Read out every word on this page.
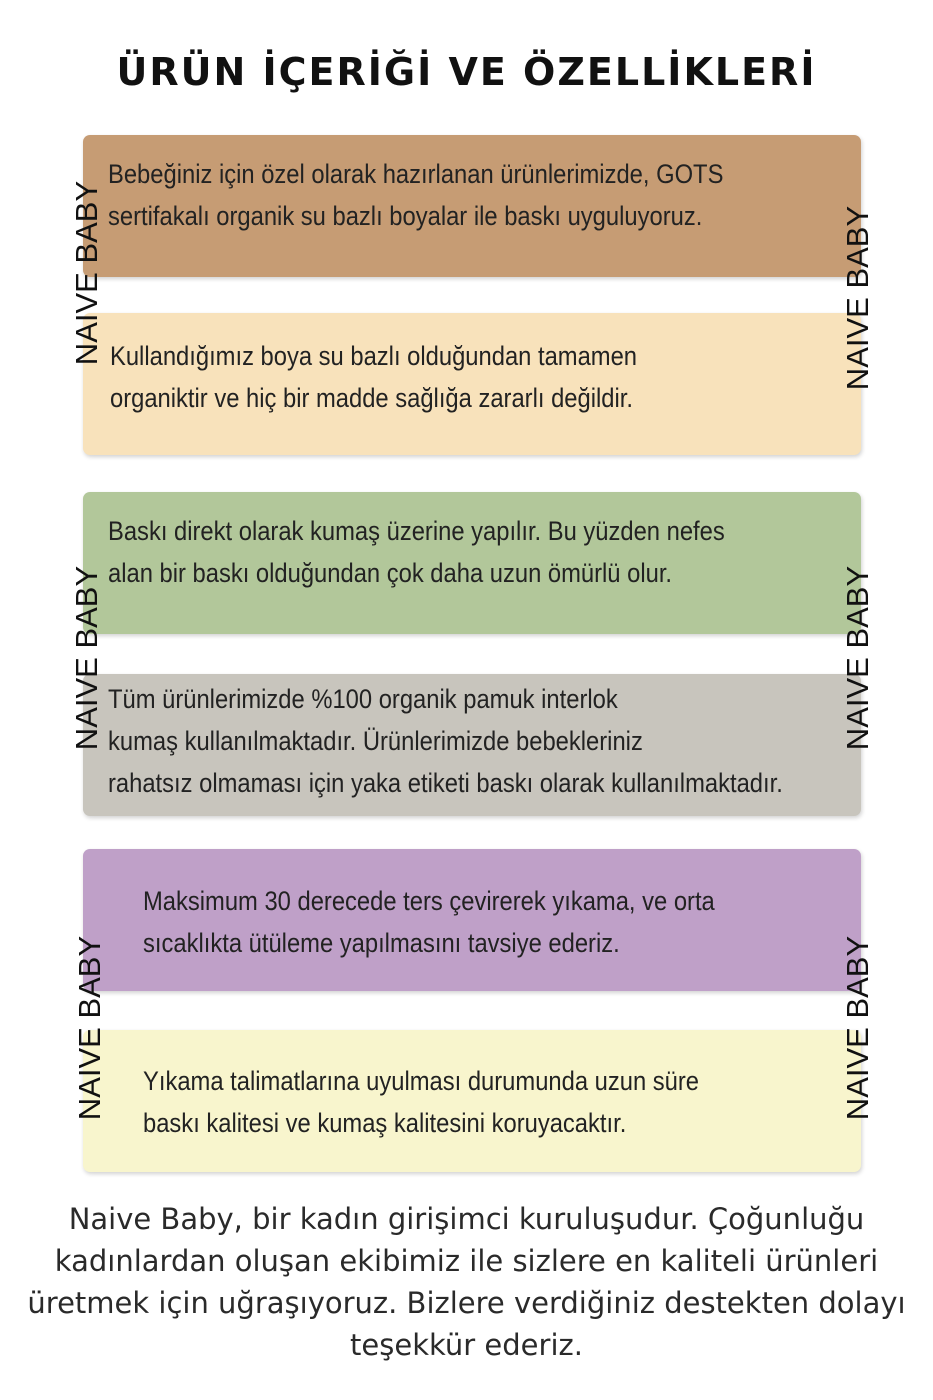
ÜRÜN İÇERİĞİ VE ÖZELLİKLERİ
Bebeğiniz için özel olarak hazırlanan ürünlerimizde, GOTS
sertifakalı organik su bazlı boyalar ile baskı uyguluyoruz.
Kullandığımız boya su bazlı olduğundan tamamen
organiktir ve hiç bir madde sağlığa zararlı değildir.
Baskı direkt olarak kumaş üzerine yapılır. Bu yüzden nefes
alan bir baskı olduğundan çok daha uzun ömürlü olur.
Tüm ürünlerimizde %100 organik pamuk interlok
kumaş kullanılmaktadır. Ürünlerimizde bebekleriniz
rahatsız olmaması için yaka etiketi baskı olarak kullanılmaktadır.
Maksimum 30 derecede ters çevirerek yıkama, ve orta
sıcaklıkta ütüleme yapılmasını tavsiye ederiz.
Yıkama talimatlarına uyulması durumunda uzun süre
baskı kalitesi ve kumaş kalitesini koruyacaktır.
NAIVE BABY	NAIVE BABY
NAIVE BABY	NAIVE BABY
NAIVE BABY	NAIVE BABY
Naive Baby, bir kadın girişimci kuruluşudur. Çoğunluğu
kadınlardan oluşan ekibimiz ile sizlere en kaliteli ürünleri
üretmek için uğraşıyoruz. Bizlere verdiğiniz destekten dolayı
teşekkür ederiz.
